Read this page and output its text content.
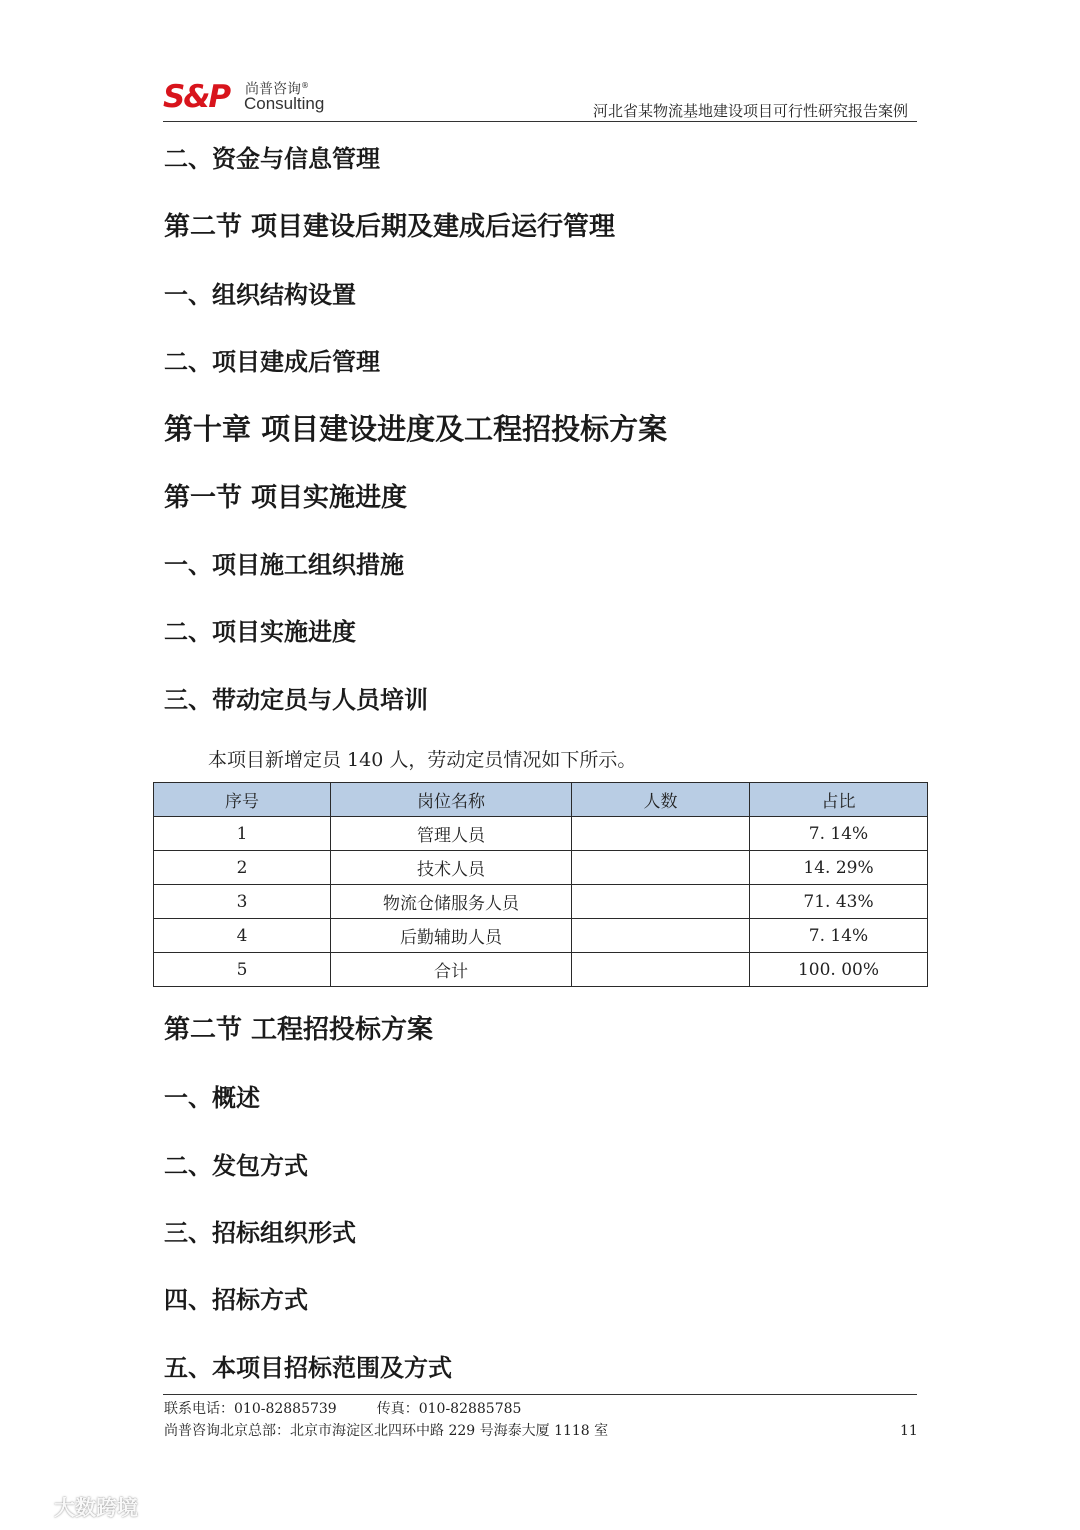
S&P 尚普咨询®
Consulting	河北省某物流基地建设项目可行性研究报告案例
二、资金与信息管理
第二节 项目建设后期及建成后运行管理
一、组织结构设置
二、项目建成后管理
第十章 项目建设进度及工程招投标方案
第一节 项目实施进度
一、项目施工组织措施
二、项目实施进度
三、带动定员与人员培训

本项目新增定员 140 人，劳动定员情况如下所示。

序号	岗位名称	人数	占比
1	管理人员		7. 14%
2	技术人员		14. 29%
3	物流仓储服务人员		71. 43%
4	后勤辅助人员		7. 14%
5	合计		100. 00%
第二节 工程招投标方案
一、概述
二、发包方式
三、招标组织形式
四、招标方式
五、本项目招标范围及方式

联系电话：010-82885739	传真：010-82885785

尚普咨询北京总部：北京市海淀区北四环中路 229 号海泰大厦 1118 室	11

大数跨境
